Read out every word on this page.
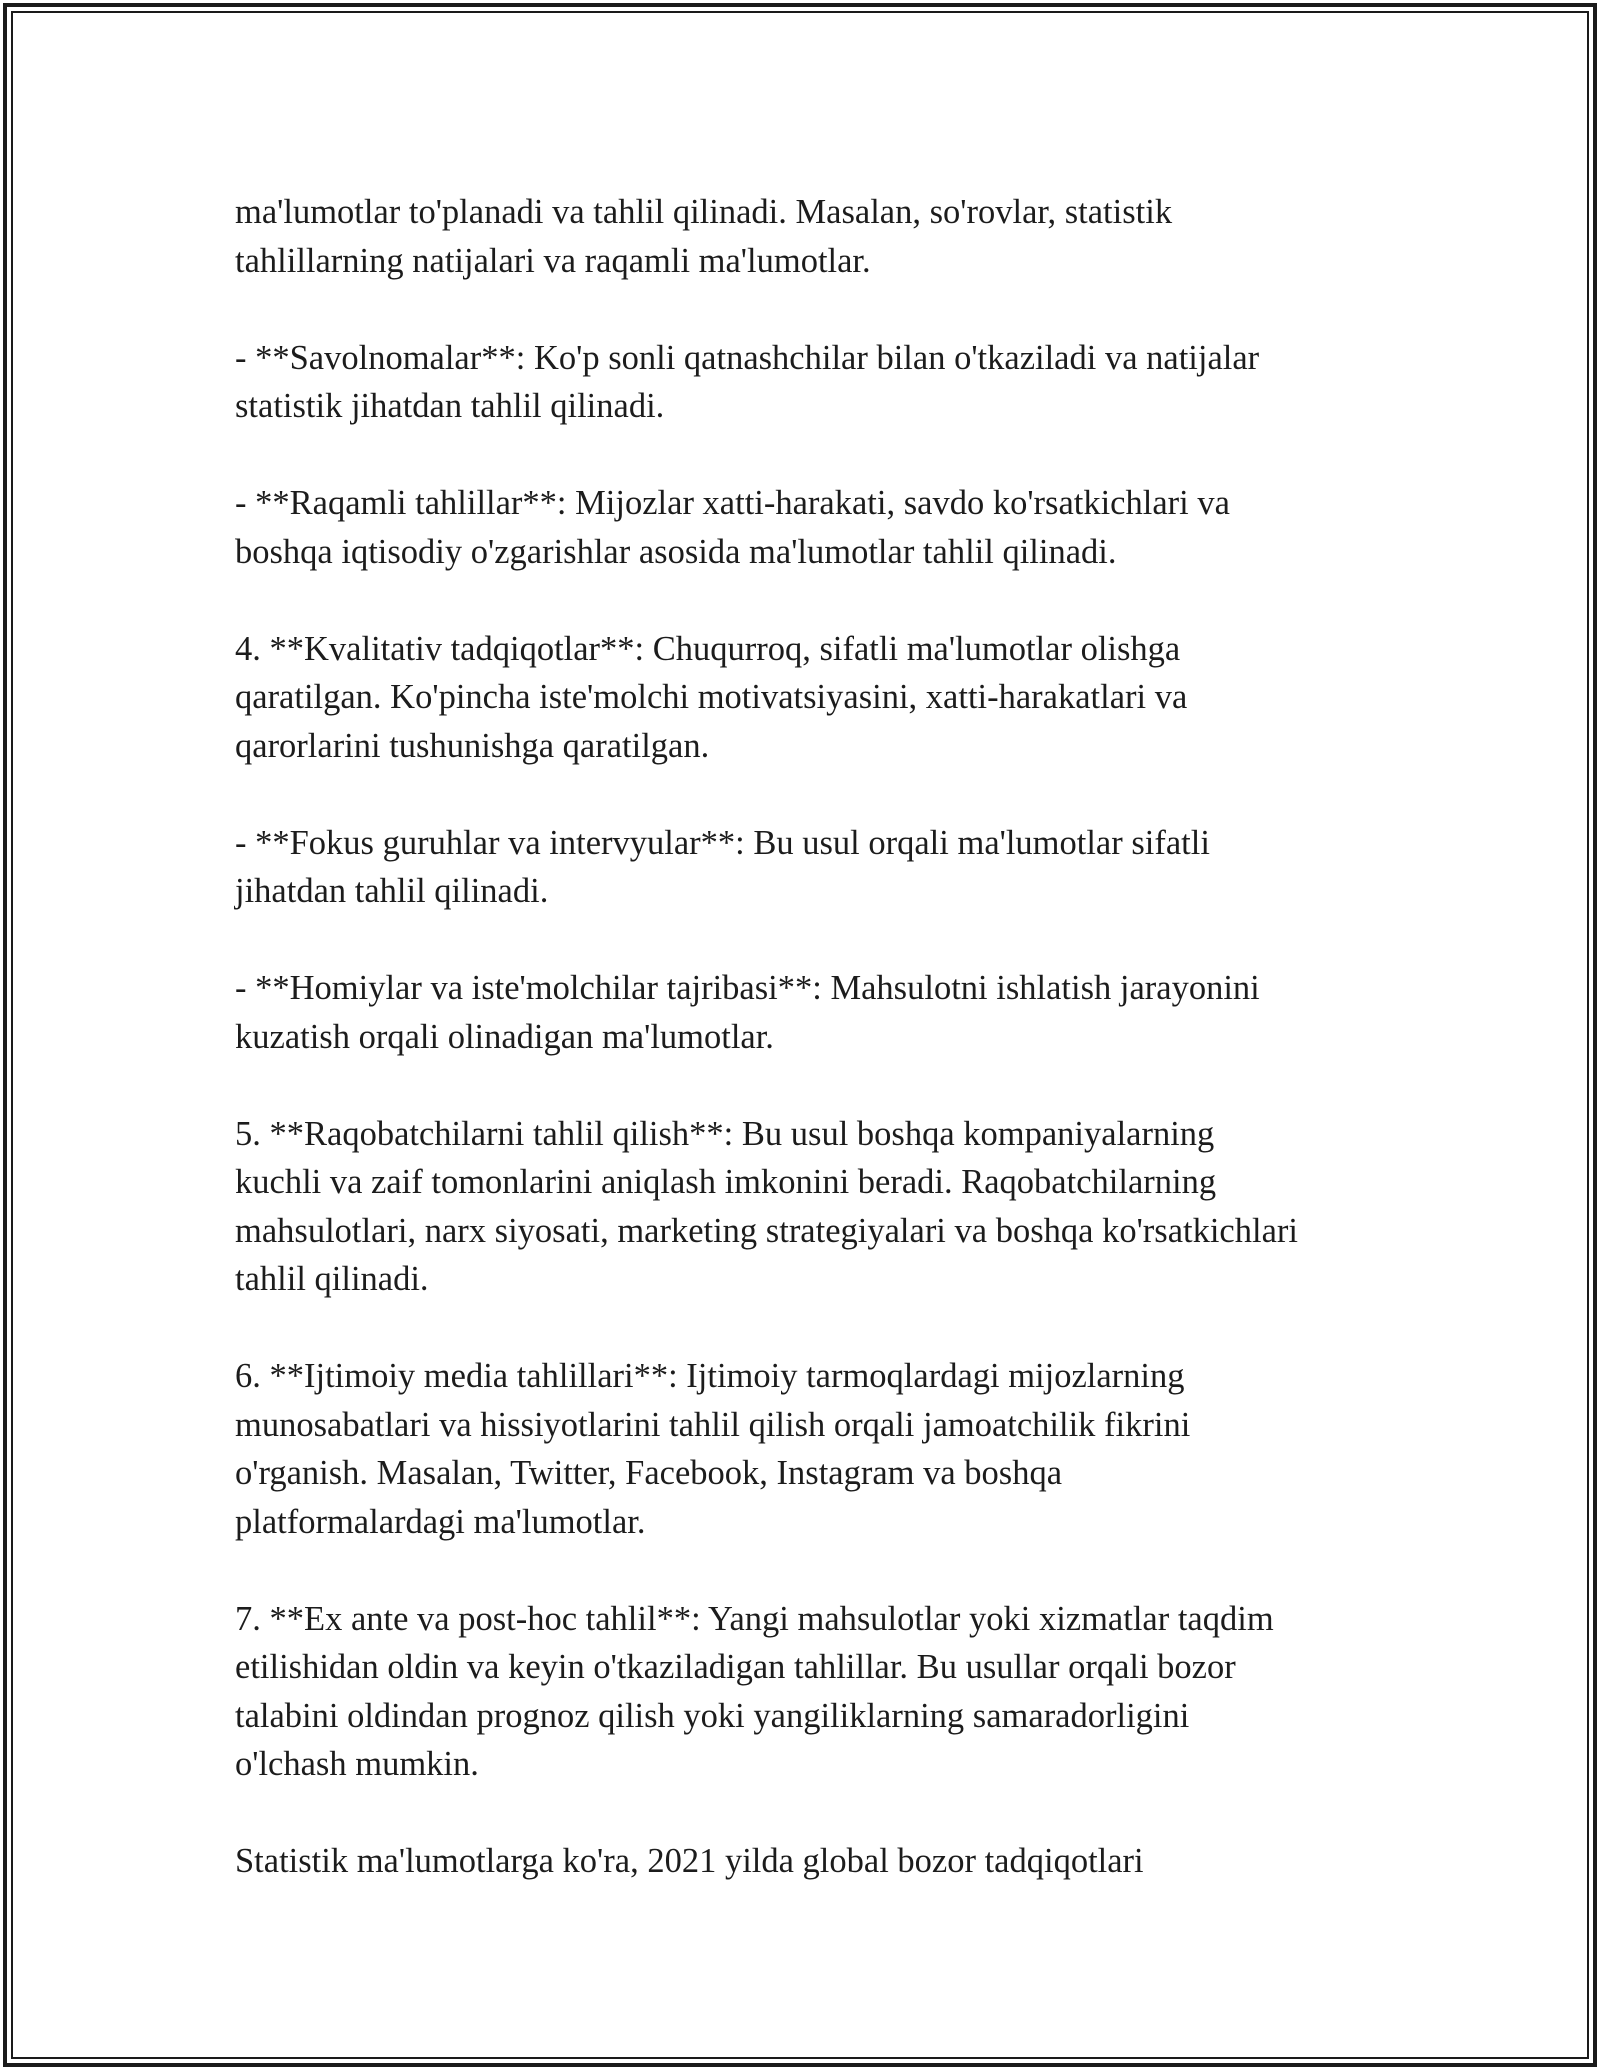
ma'lumotlar to'planadi va tahlil qilinadi. Masalan, so'rovlar, statistik
tahlillarning natijalari va raqamli ma'lumotlar.

- **Savolnomalar**: Ko'p sonli qatnashchilar bilan o'tkaziladi va natijalar
statistik jihatdan tahlil qilinadi.

- **Raqamli tahlillar**: Mijozlar xatti-harakati, savdo ko'rsatkichlari va
boshqa iqtisodiy o'zgarishlar asosida ma'lumotlar tahlil qilinadi.

4. **Kvalitativ tadqiqotlar**: Chuqurroq, sifatli ma'lumotlar olishga
qaratilgan. Ko'pincha iste'molchi motivatsiyasini, xatti-harakatlari va
qarorlarini tushunishga qaratilgan.

- **Fokus guruhlar va intervyular**: Bu usul orqali ma'lumotlar sifatli
jihatdan tahlil qilinadi.

- **Homiylar va iste'molchilar tajribasi**: Mahsulotni ishlatish jarayonini
kuzatish orqali olinadigan ma'lumotlar.

5. **Raqobatchilarni tahlil qilish**: Bu usul boshqa kompaniyalarning
kuchli va zaif tomonlarini aniqlash imkonini beradi. Raqobatchilarning
mahsulotlari, narx siyosati, marketing strategiyalari va boshqa ko'rsatkichlari
tahlil qilinadi.

6. **Ijtimoiy media tahlillari**: Ijtimoiy tarmoqlardagi mijozlarning
munosabatlari va hissiyotlarini tahlil qilish orqali jamoatchilik fikrini
o'rganish. Masalan, Twitter, Facebook, Instagram va boshqa
platformalardagi ma'lumotlar.

7. **Ex ante va post-hoc tahlil**: Yangi mahsulotlar yoki xizmatlar taqdim
etilishidan oldin va keyin o'tkaziladigan tahlillar. Bu usullar orqali bozor
talabini oldindan prognoz qilish yoki yangiliklarning samaradorligini
o'lchash mumkin.

Statistik ma'lumotlarga ko'ra, 2021 yilda global bozor tadqiqotlari
